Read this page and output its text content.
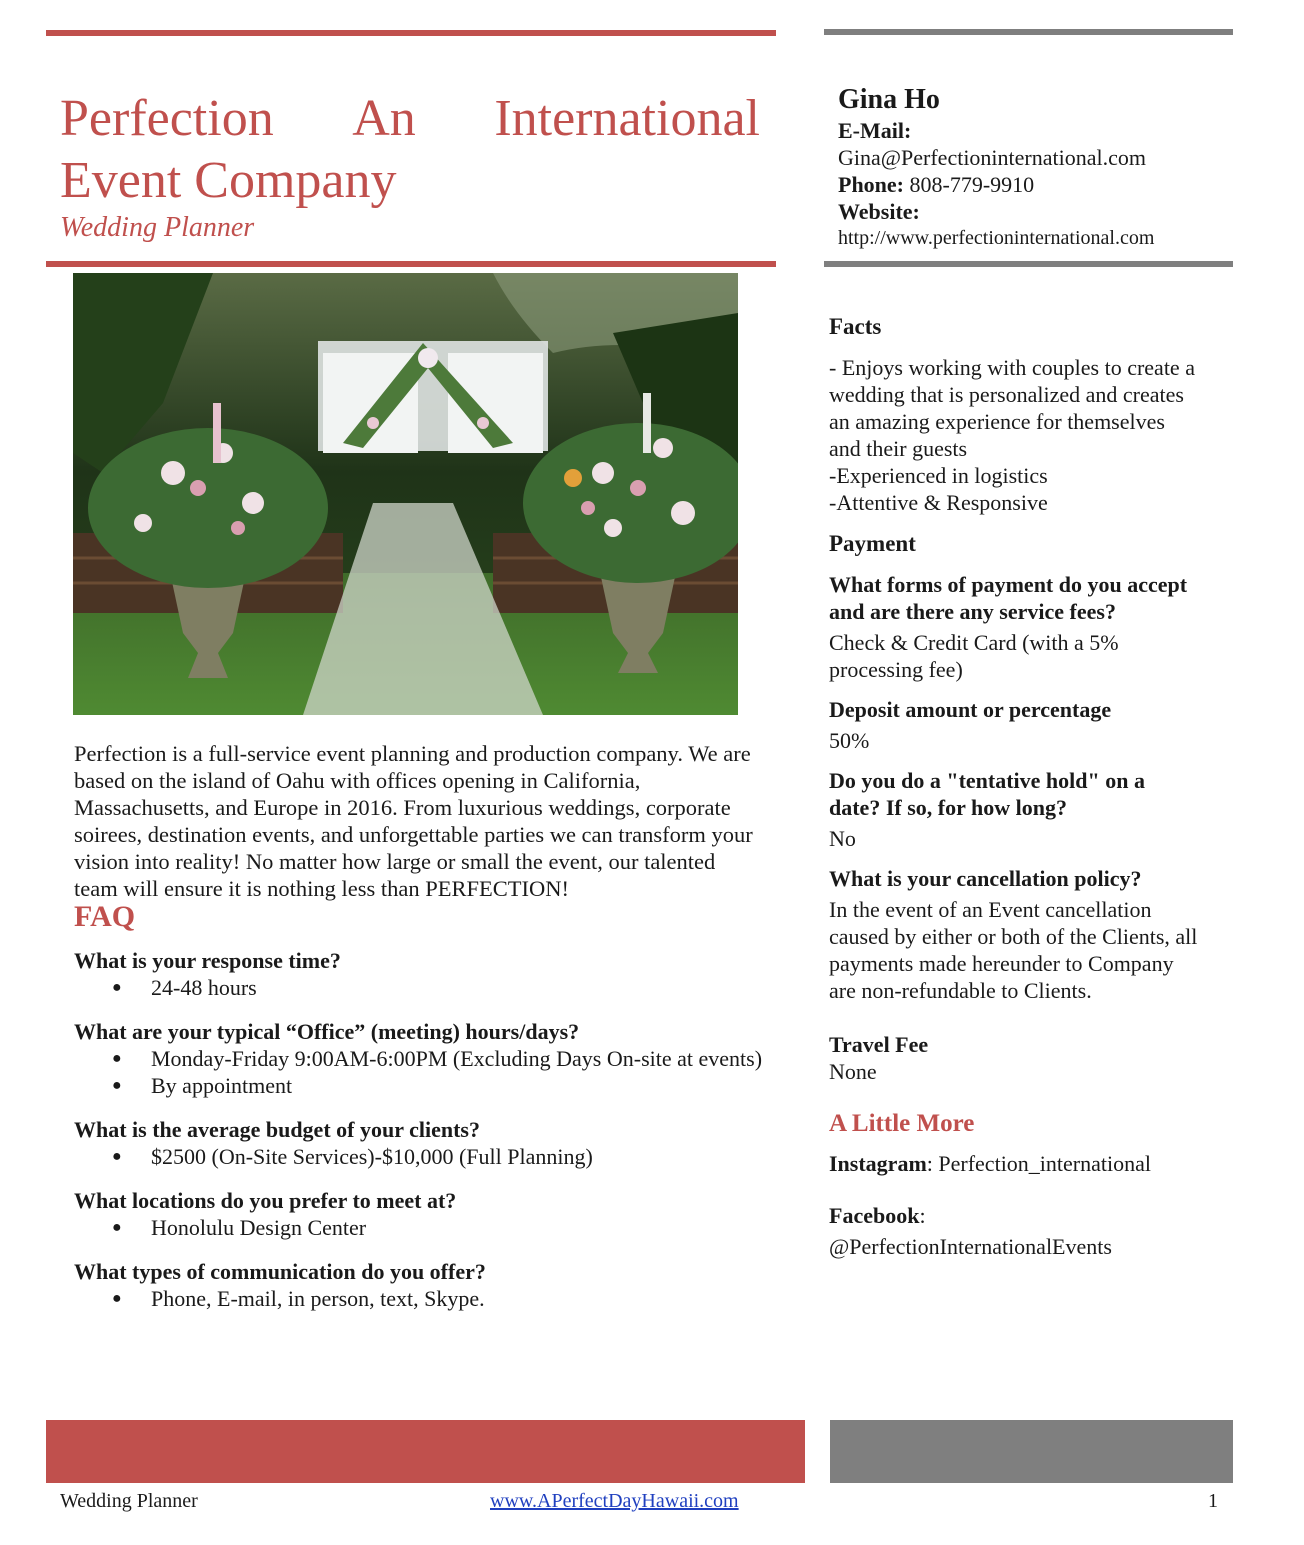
Perfection An International
Event Company
Wedding Planner
Gina Ho
E-Mail:
Gina@Perfectioninternational.com
Phone: 808-779-9910
Website:
http://www.perfectioninternational.com
Perfection is a full-service event planning and production company. We are based on the island of Oahu with offices opening in California, Massachusetts, and Europe in 2016. From luxurious weddings, corporate soirees, destination events, and unforgettable parties we can transform your vision into reality! No matter how large or small the event, our talented team will ensure it is nothing less than PERFECTION!
FAQ
What is your response time?
● 24-48 hours
What are your typical “Office” (meeting) hours/days?
● Monday-Friday 9:00AM-6:00PM (Excluding Days On-site at events)
● By appointment
What is the average budget of your clients?
● $2500 (On-Site Services)-$10,000 (Full Planning)
What locations do you prefer to meet at?
● Honolulu Design Center
What types of communication do you offer?
● Phone, E-mail, in person, text, Skype.
Facts
- Enjoys working with couples to create a wedding that is personalized and creates an amazing experience for themselves and their guests
-Experienced in logistics
-Attentive & Responsive
Payment
What forms of payment do you accept and are there any service fees?
Check & Credit Card (with a 5% processing fee)
Deposit amount or percentage
50%
Do you do a "tentative hold" on a date? If so, for how long?
No
What is your cancellation policy?
In the event of an Event cancellation caused by either or both of the Clients, all payments made hereunder to Company are non-refundable to Clients.
Travel Fee
None
A Little More
Instagram: Perfection_international
Facebook:
@PerfectionInternationalEvents
Wedding Planner	www.APerfectDayHawaii.com	1
